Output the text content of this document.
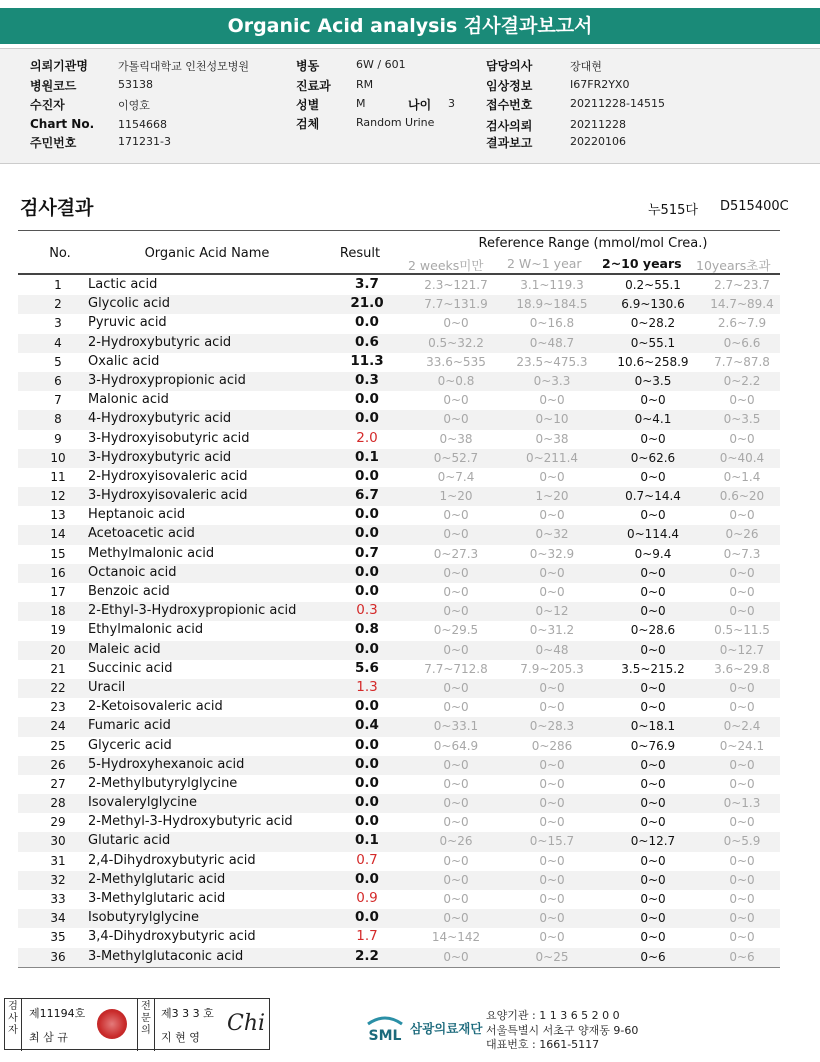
Organic Acid analysis 검사결과보고서
의뢰기관명	가톨릭대학교 인천성모병원
병원코드	53138
수진자	이영호
Chart No. 1154668
주민번호	171231-3
병동	6W / 601
진료과 RM
성별	M	나이 3
검체	Random Urine
담당의사	장대현
임상정보	I67FR2YX0
접수번호	20211228-14515
검사의뢰	20211228
결과보고	20220106
검사결과	누515다 D515400C
No.	Organic Acid Name	Result
Reference Range (mmol/mol Crea.)
2 weeks미만 2 W~1 year 2~10 years 10years초과
1	Lactic acid	3.7	2.3~121.7	3.1~119.3	0.2~55.1	2.7~23.7
2	Glycolic acid	21.0	7.7~131.9	18.9~184.5	6.9~130.6	14.7~89.4
3	Pyruvic acid	0.0	0~0	0~16.8	0~28.2	2.6~7.9
4	2-Hydroxybutyric acid	0.6	0.5~32.2	0~48.7	0~55.1	0~6.6
5	Oxalic acid	11.3	33.6~535	23.5~475.3	10.6~258.9	7.7~87.8
6	3-Hydroxypropionic acid	0.3	0~0.8	0~3.3	0~3.5	0~2.2
7	Malonic acid	0.0	0~0	0~0	0~0	0~0
8	4-Hydroxybutyric acid	0.0	0~0	0~10	0~4.1	0~3.5
9	3-Hydroxyisobutyric acid	2.0	0~38	0~38	0~0	0~0
10	3-Hydroxybutyric acid	0.1	0~52.7	0~211.4	0~62.6	0~40.4
11	2-Hydroxyisovaleric acid	0.0	0~7.4	0~0	0~0	0~1.4
12	3-Hydroxyisovaleric acid	6.7	1~20	1~20	0.7~14.4	0.6~20
13	Heptanoic acid	0.0	0~0	0~0	0~0	0~0
14	Acetoacetic acid	0.0	0~0	0~32	0~114.4	0~26
15	Methylmalonic acid	0.7	0~27.3	0~32.9	0~9.4	0~7.3
16	Octanoic acid	0.0	0~0	0~0	0~0	0~0
17	Benzoic acid	0.0	0~0	0~0	0~0	0~0
18	2-Ethyl-3-Hydroxypropionic acid	0.3	0~0	0~12	0~0	0~0
19	Ethylmalonic acid	0.8	0~29.5	0~31.2	0~28.6	0.5~11.5
20	Maleic acid	0.0	0~0	0~48	0~0	0~12.7
21	Succinic acid	5.6	7.7~712.8	7.9~205.3	3.5~215.2	3.6~29.8
22	Uracil	1.3	0~0	0~0	0~0	0~0
23	2-Ketoisovaleric acid	0.0	0~0	0~0	0~0	0~0
24	Fumaric acid	0.4	0~33.1	0~28.3	0~18.1	0~2.4
25	Glyceric acid	0.0	0~64.9	0~286	0~76.9	0~24.1
26	5-Hydroxyhexanoic acid	0.0	0~0	0~0	0~0	0~0
27	2-Methylbutyrylglycine	0.0	0~0	0~0	0~0	0~0
28	Isovalerylglycine	0.0	0~0	0~0	0~0	0~1.3
29	2-Methyl-3-Hydroxybutyric acid	0.0	0~0	0~0	0~0	0~0
30	Glutaric acid	0.1	0~26	0~15.7	0~12.7	0~5.9
31	2,4-Dihydroxybutyric acid	0.7	0~0	0~0	0~0	0~0
32	2-Methylglutaric acid	0.0	0~0	0~0	0~0	0~0
33	3-Methylglutaric acid	0.9	0~0	0~0	0~0	0~0
34	Isobutyrylglycine	0.0	0~0	0~0	0~0	0~0
35	3,4-Dihydroxybutyric acid	1.7	14~142	0~0	0~0	0~0
36	3-Methylglutaconic acid	2.2	0~0	0~25	0~6	0~6
검사자
제11194호
최 삼 규
전문의
제3 3 3 호
지 현 영
Chi	SML 삼광의료재단
요양기관 : 1 1 3 6 5 2 0 0
서울특별시 서초구 양재동 9-60
대표번호 : 1661-5117
